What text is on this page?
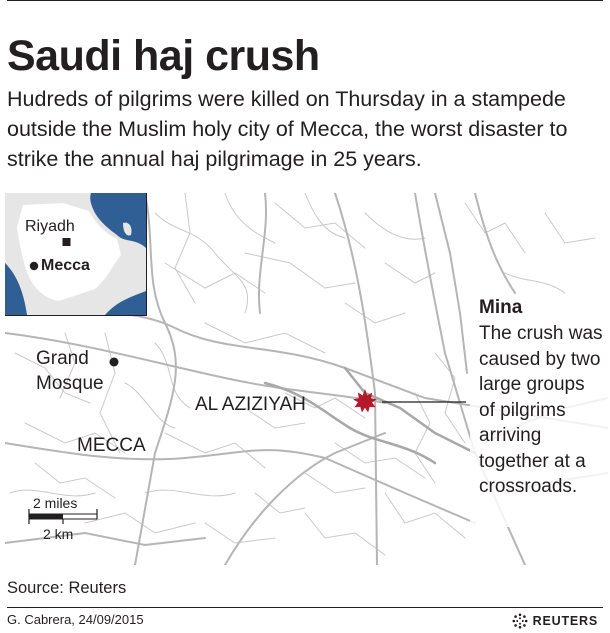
Saudi haj crush
Hudreds of pilgrims were killed on Thursday in a stampede outside the Muslim holy city of Mecca, the worst disaster to strike the annual haj pilgrimage in 25 years.
Riyadh
Mecca
Grand
Mosque
AL AZIZIYAH
MECCA
2 miles
2 km
Mina
The crush was caused by two large groups of pilgrims arriving together at a crossroads.
Source: Reuters
G. Cabrera, 24/09/2015	REUTERS
